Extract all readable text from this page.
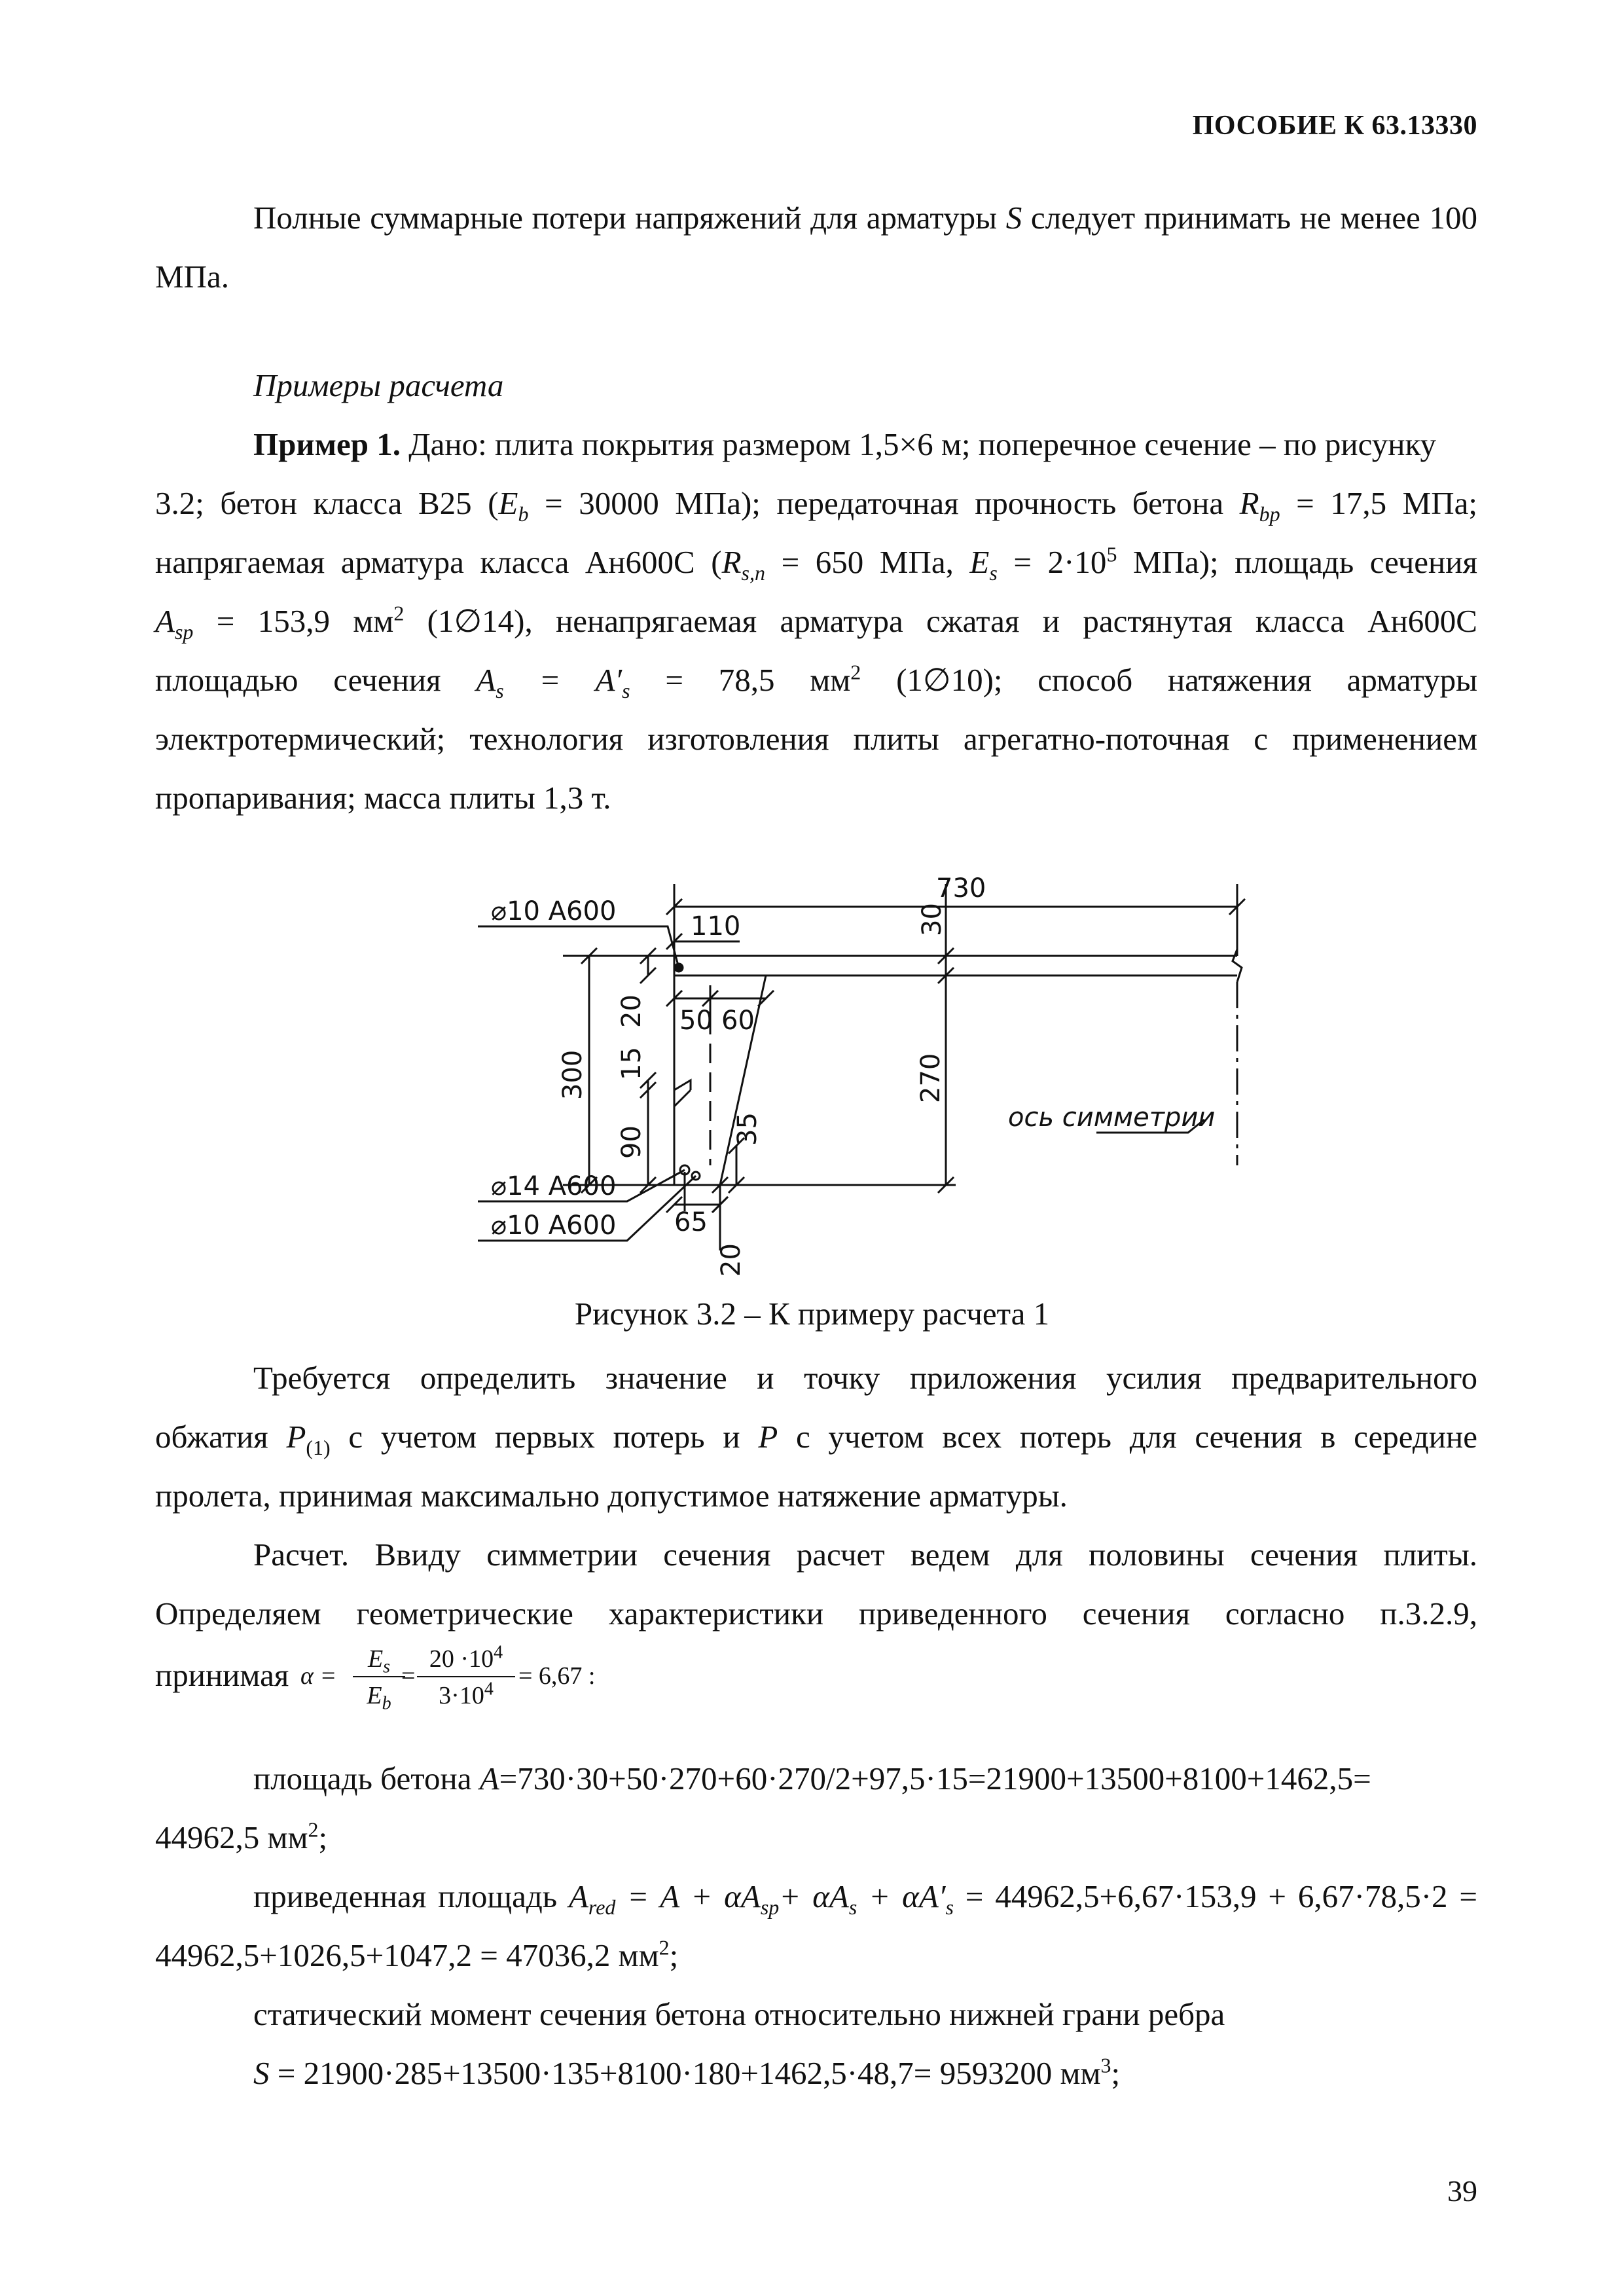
ПОСОБИЕ К 63.13330
Полные суммарные потери напряжений для арматуры S следует принимать не менее 100 МПа.
Примеры расчета
Пример 1. Дано: плита покрытия размером 1,5×6 м; поперечное сечение – по рисунку
3.2; бетон класса В25 ($E_b = 30000$ МПа); передаточная прочность бетона $R_{bp} = 17,5$ МПа;
напрягаемая арматура класса Ан600С ($R_{s,n} = 650$ МПа, $E_s = 2\cdot 10^5$ МПа); площадь сечения
$A_{sp} = 153,9$ $мм^2$ (1∅14), ненапрягаемая арматура сжатая и растянутая класса Ан600С
площадью сечения $A_s = A'_s = 78,5$ $мм^2$ (1∅10); способ натяжения арматуры
электротермический; технология изготовления плиты агрегатно-поточная с применением
пропаривания; масса плиты 1,3 т.
⌀10 А600
⌀14 А600
⌀10 А600
730
110	30
20 50 60
300 15	270
35
90
65
20
ось симметрии
Рисунок 3.2 – К примеру расчета 1
Требуется определить значение и точку приложения усилия предварительного
обжатия $P_{(1)}$ с учетом первых потерь и P с учетом всех потерь для сечения в середине
пролета, принимая максимально допустимое натяжение арматуры.
Расчет. Ввиду симметрии сечения расчет ведем для половины сечения плиты.
Определяем геометрические характеристики приведенного сечения согласно п.3.2.9,
принимая α =
$E_s$
$E_b$
=
$20 \cdot 10^4$
$3\cdot 10^4$	= 6,67 :
площадь бетона A=730·30+50·270+60·270/2+97,5·15=21900+13500+8100+1462,5=
44962,5 $мм^2$;
приведенная площадь $A_{red} = A + \alpha A_{sp}+ \alpha A_s + \alpha A'_s = 44962,5+6,67\cdot 153,9 + 6,67\cdot 78,5\cdot 2$ =
44962,5+1026,5+1047,2 = 47036,2 $мм^2$;
статический момент сечения бетона относительно нижней грани ребра
S = 21900·285+13500·135+8100·180+1462,5·48,7= 9593200 $мм^3$;
39
